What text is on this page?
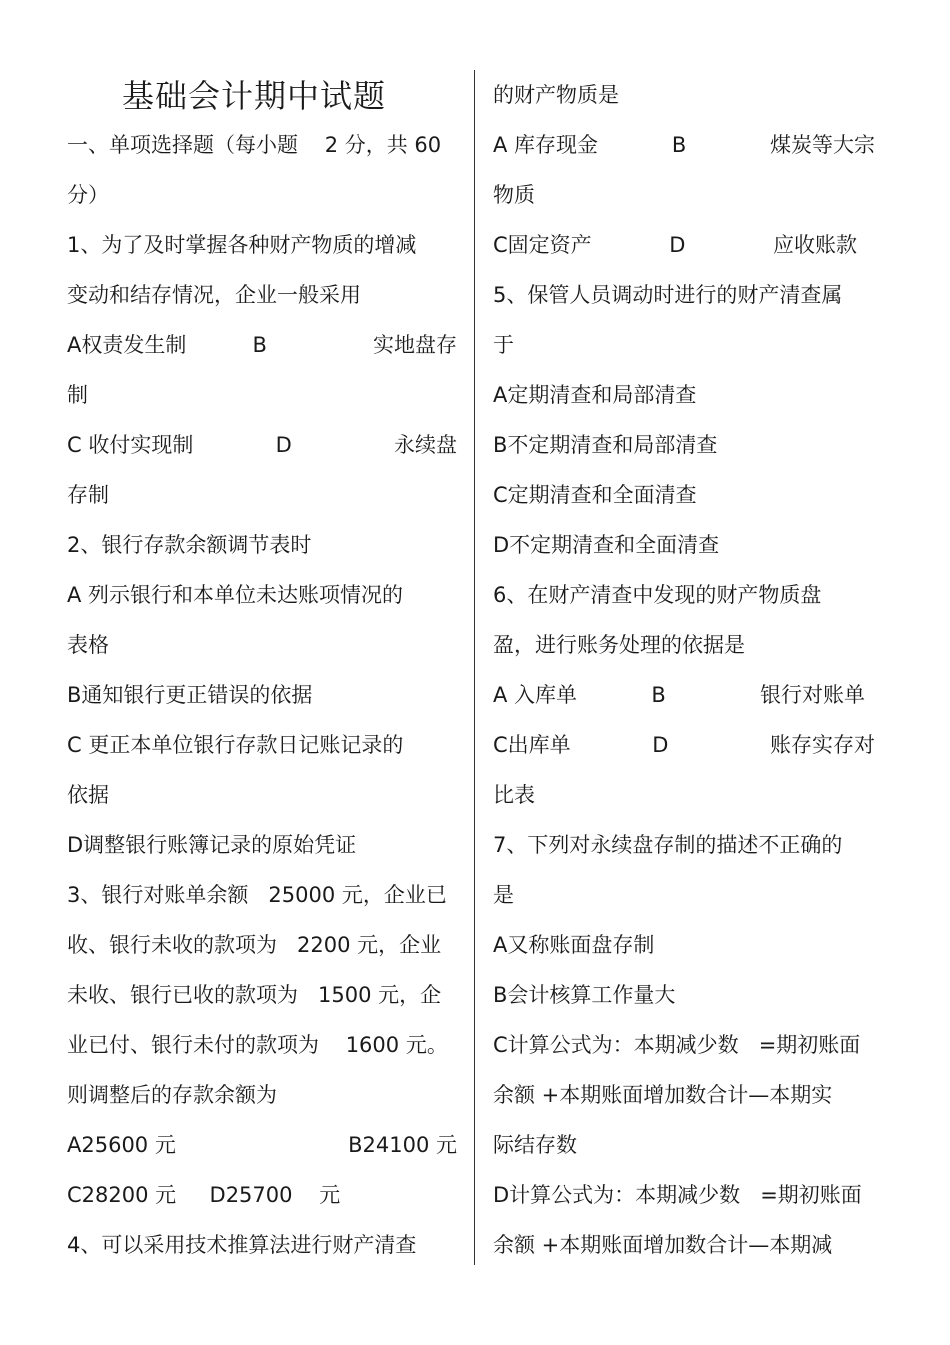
基础会计期中试题
一、单项选择题（每小题    2 分，共 60
分）
1、为了及时掌握各种财产物质的增减
变动和结存情况，企业一般采用
A权责发生制	B	实地盘存
制
C 收付实现制	D	永续盘
存制
2、银行存款余额调节表时
A 列示银行和本单位未达账项情况的
表格
B通知银行更正错误的依据
C 更正本单位银行存款日记账记录的
依据
D调整银行账簿记录的原始凭证
3、银行对账单余额   25000 元，企业已
收、银行未收的款项为   2200 元，企业
未收、银行已收的款项为   1500 元，企
业已付、银行未付的款项为    1600 元。
则调整后的存款余额为
A25600 元	B24100 元
C28200 元     D25700    元
4、可以采用技术推算法进行财产清查
的财产物质是
A 库存现金	B	煤炭等大宗
物质
C固定资产	D	应收账款
5、保管人员调动时进行的财产清查属
于
A定期清查和局部清查
B不定期清查和局部清查
C定期清查和全面清查
D不定期清查和全面清查
6、在财产清查中发现的财产物质盘
盈，进行账务处理的依据是
A 入库单	B	银行对账单
C出库单	D	账存实存对
比表
7、下列对永续盘存制的描述不正确的
是
A又称账面盘存制
B会计核算工作量大
C计算公式为：本期减少数   =期初账面
余额 +本期账面增加数合计—本期实
际结存数
D计算公式为：本期减少数   =期初账面
余额 +本期账面增加数合计—本期减
